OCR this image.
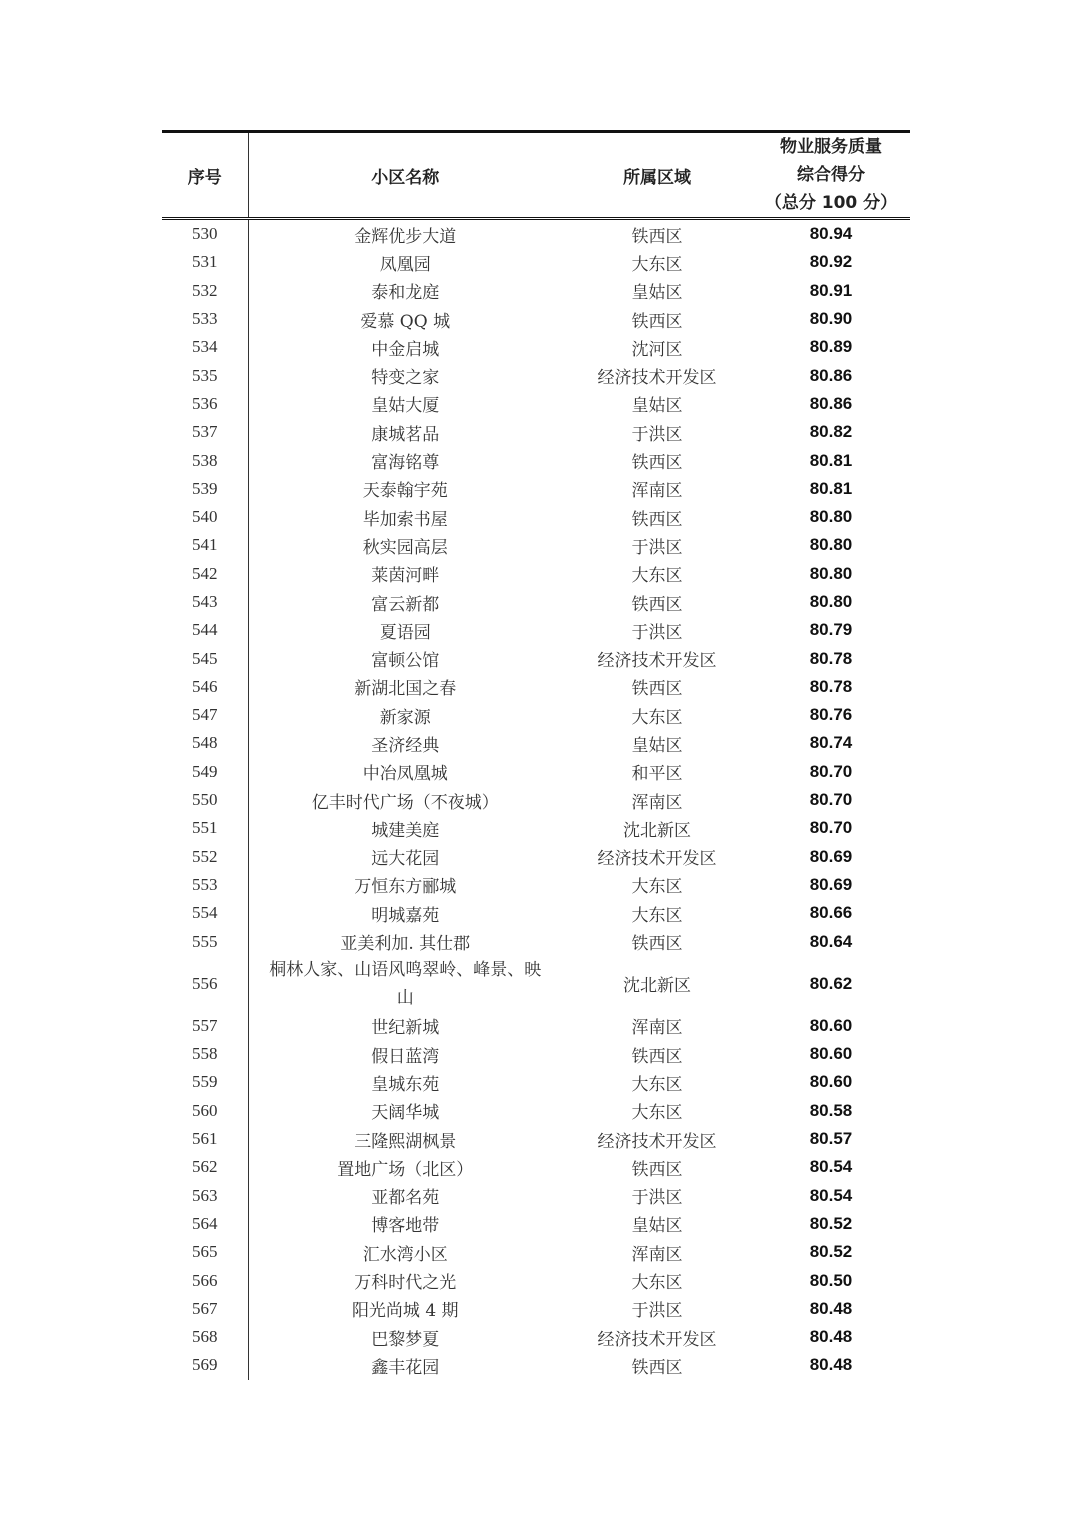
序号	小区名称	所属区域	物业服务质量
综合得分
（总分 100 分）

530	金辉优步大道	铁西区	80.94
531	凤凰园	大东区	80.92
532	泰和龙庭	皇姑区	80.91
533	爱慕 QQ 城	铁西区	80.90
534	中金启城	沈河区	80.89
535	特变之家	经济技术开发区	80.86
536	皇姑大厦	皇姑区	80.86
537	康城茗品	于洪区	80.82
538	富海铭尊	铁西区	80.81
539	天泰翰宇苑	浑南区	80.81
540	毕加索书屋	铁西区	80.80
541	秋实园高层	于洪区	80.80
542	莱茵河畔	大东区	80.80
543	富云新都	铁西区	80.80
544	夏语园	于洪区	80.79
545	富顿公馆	经济技术开发区	80.78
546	新湖北国之春	铁西区	80.78
547	新家源	大东区	80.76
548	圣济经典	皇姑区	80.74
549	中冶凤凰城	和平区	80.70
550	亿丰时代广场（不夜城）	浑南区	80.70
551	城建美庭	沈北新区	80.70
552	远大花园	经济技术开发区	80.69
553	万恒东方郦城	大东区	80.69
554	明城嘉苑	大东区	80.66
555	亚美利加. 其仕郡	铁西区	80.64
556	桐林人家、山语风鸣翠岭、峰景、映
山	沈北新区	80.62
557	世纪新城	浑南区	80.60
558	假日蓝湾	铁西区	80.60
559	皇城东苑	大东区	80.60
560	天阔华城	大东区	80.58
561	三隆熙湖枫景	经济技术开发区	80.57
562	置地广场（北区）	铁西区	80.54
563	亚都名苑	于洪区	80.54
564	博客地带	皇姑区	80.52
565	汇水湾小区	浑南区	80.52
566	万科时代之光	大东区	80.50
567	阳光尚城 4 期	于洪区	80.48
568	巴黎梦夏	经济技术开发区	80.48
569	鑫丰花园	铁西区	80.48
